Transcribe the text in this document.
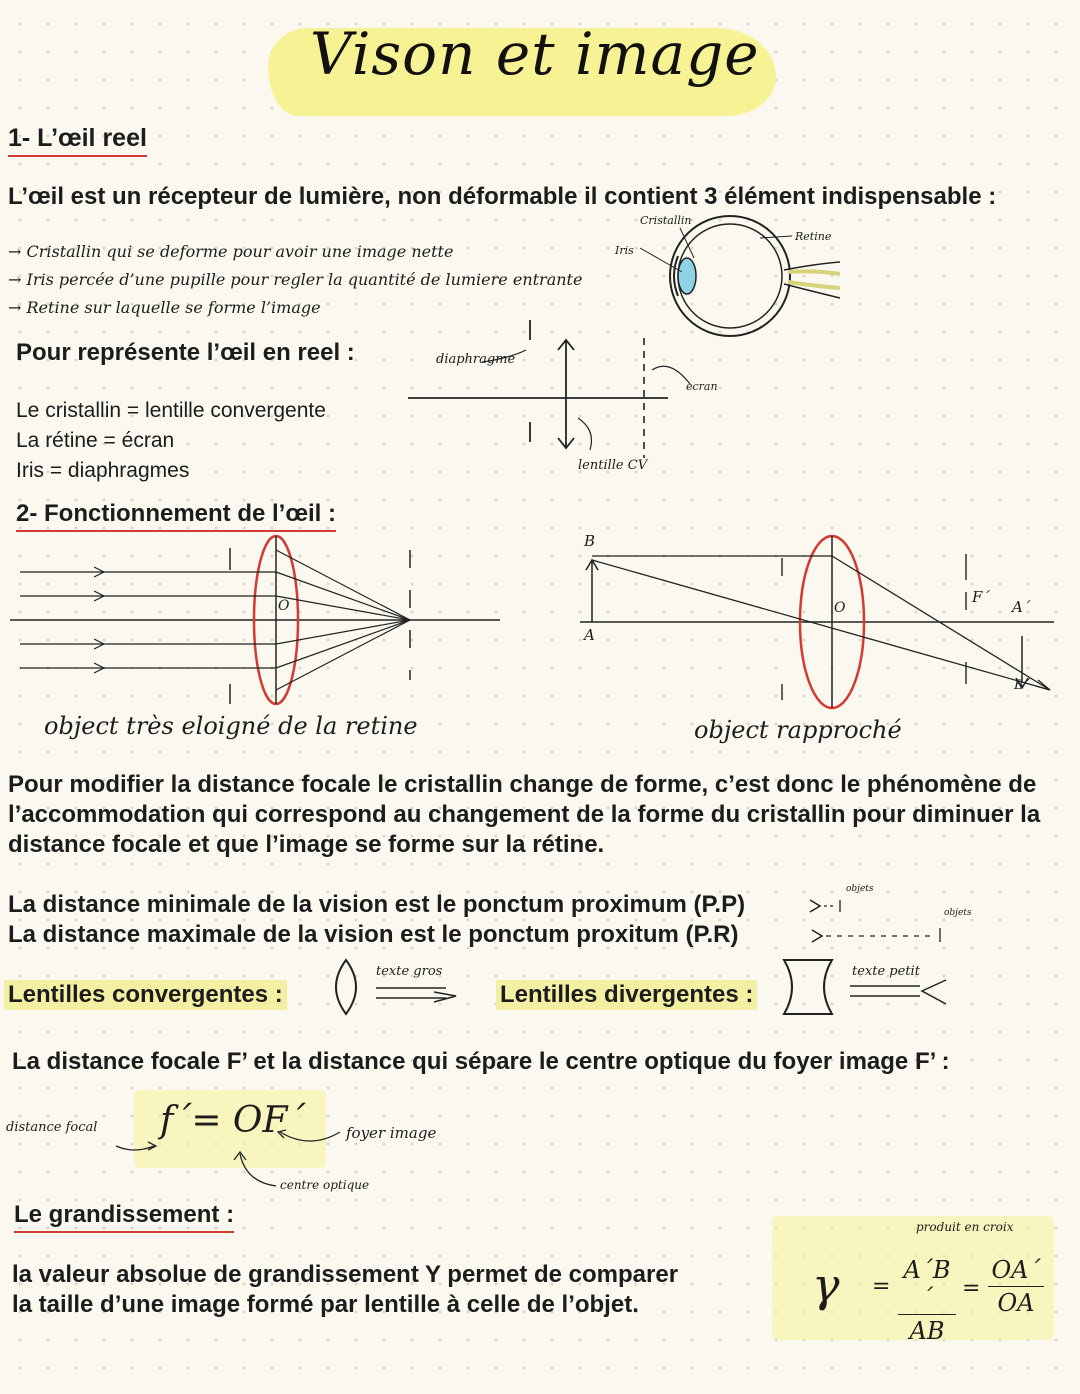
Vison et image
1- L’œil reel
L’œil est un récepteur de lumière, non déformable il contient 3 élément indispensable :
→ Cristallin qui se deforme pour avoir une image nette
→ Iris percée d’une pupille pour regler la quantité de lumiere entrante
→ Retine sur laquelle se forme l’image
Cristallin
Iris
Retine
Pour représente l’œil en reel :
Le cristallin = lentille convergente
La rétine = écran
Iris = diaphragmes
diaphragme
ecran
lentille CV
2- Fonctionnement de l’œil :
O
object très eloigné de la retine
B
A
O
F´
A´
B´
object rapproché
Pour modifier la distance focale le cristallin change de forme, c’est donc le phénomène de l’accommodation qui correspond au changement de la forme du cristallin pour diminuer la distance focale et que l’image se forme sur la rétine.
La distance minimale de la vision est le ponctum proximum (P.P)
La distance maximale de la vision est le ponctum proxitum (P.R)
objets
objets
Lentilles convergentes :
texte gros
Lentilles divergentes :
texte petit
La distance focale F’ et la distance qui sépare le centre optique du foyer image F’ :
f´= OF´
distance focal	foyer image
centre optique
Le grandissement :
la valeur absolue de grandissement Y permet de comparer
la taille d’une image formé par lentille à celle de l’objet.
produit en croix
$\gamma = \frac{A´B´}{AB} = \frac{OA´}{OA}$
